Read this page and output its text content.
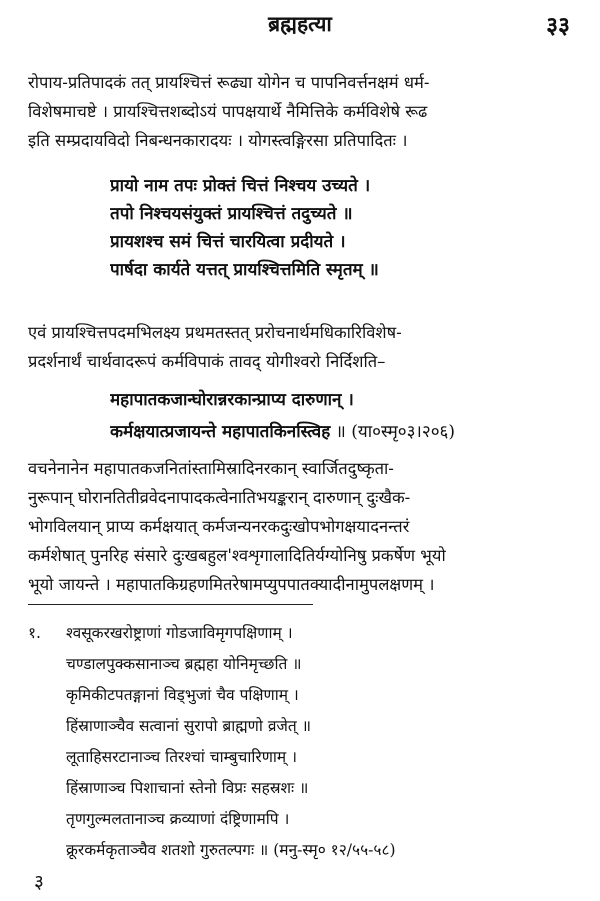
ब्रह्महत्या	३३
रोपाय-प्रतिपादकं तत् प्रायश्चित्तं रूढ्या योगेन च पापनिवर्त्तनक्षमं धर्म-
विशेषमाचष्टे । प्रायश्चित्तशब्दोऽयं पापक्षयार्थे नैमित्तिके कर्मविशेषे रूढ
इति सम्प्रदायविदो निबन्धनकारादयः । योगस्त्वङ्गिरसा प्रतिपादितः ।
प्रायो नाम तपः प्रोक्तं चित्तं निश्चय उच्यते ।
तपो निश्चयसंयुक्तं प्रायश्चित्तं तदुच्यते ॥
प्रायशश्च समं चित्तं चारयित्वा प्रदीयते ।
पार्षदा कार्यते यत्तत् प्रायश्चित्तमिति स्मृतम् ॥
एवं प्रायश्चित्तपदमभिलक्ष्य प्रथमतस्तत् प्ररोचनार्थमधिकारिविशेष-
प्रदर्शनार्थं चार्थवादरूपं कर्मविपाकं तावद् योगीश्वरो निर्दिशति–
महापातकजान्घोरान्नरकान्प्राप्य दारुणान् ।
कर्मक्षयात्प्रजायन्ते महापातकिनस्त्विह ॥ (या०स्मृ०३।२०६)
वचनेनानेन महापातकजनितांस्तामिस्रादिनरकान् स्वार्जितदुष्कृता-
नुरूपान् घोरानतितीव्रवेदनापादकत्वेनातिभयङ्करान् दारुणान् दुःखैक-
भोगविलयान् प्राप्य कर्मक्षयात् कर्मजन्यनरकदुःखोपभोगक्षयादनन्तरं
कर्मशेषात् पुनरिह संसारे दुःखबहुल'श्वशृगालादितिर्यग्योनिषु प्रकर्षेण भूयो
भूयो जायन्ते । महापातकिग्रहणमितरेषामप्युपपातक्यादीनामुपलक्षणम् ।
१. श्वसूकरखरोष्ट्राणां गोडजाविमृगपक्षिणाम् ।
चण्डालपुक्कसानाञ्च ब्रह्महा योनिमृच्छति ॥
कृमिकीटपतङ्गानां विड्भुजां चैव पक्षिणाम् ।
हिंस्राणाञ्चैव सत्वानां सुरापो ब्राह्मणो व्रजेत् ॥
लूताहिसरटानाञ्च तिरश्चां चाम्बुचारिणाम् ।
हिंस्राणाञ्च पिशाचानां स्तेनो विप्रः सहस्रशः ॥
तृणगुल्मलतानाञ्च क्रव्याणां दंष्ट्रिणामपि ।
क्रूरकर्मकृताञ्चैव शतशो गुरुतल्पगः ॥ (मनु-स्मृ० १२/५५-५८)
३
